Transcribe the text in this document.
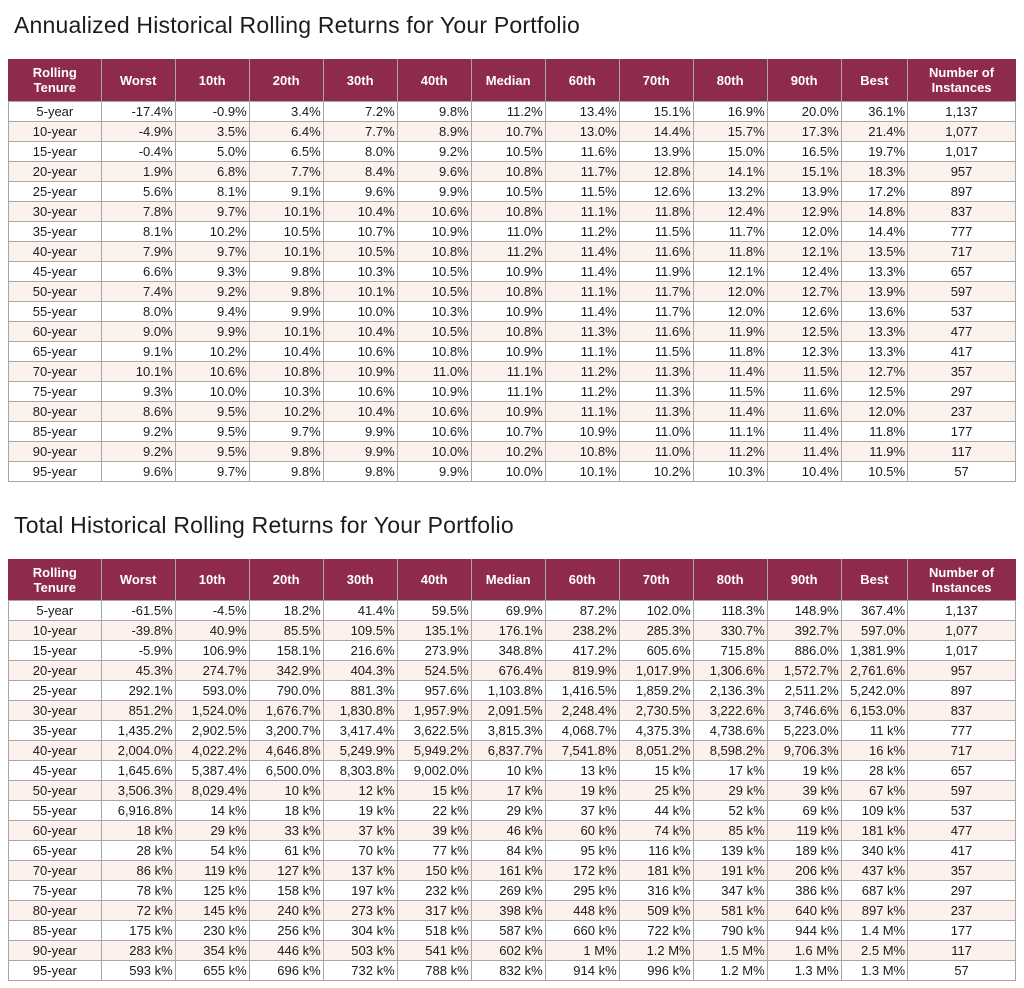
Annualized Historical Rolling Returns for Your Portfolio
Rolling Tenure	Worst	10th	20th	30th	40th	Median	60th	70th	80th	90th	Best	Number of Instances
5-year	-17.4%	-0.9%	3.4%	7.2%	9.8%	11.2%	13.4%	15.1%	16.9%	20.0%	36.1%	1,137
10-year	-4.9%	3.5%	6.4%	7.7%	8.9%	10.7%	13.0%	14.4%	15.7%	17.3%	21.4%	1,077
15-year	-0.4%	5.0%	6.5%	8.0%	9.2%	10.5%	11.6%	13.9%	15.0%	16.5%	19.7%	1,017
20-year	1.9%	6.8%	7.7%	8.4%	9.6%	10.8%	11.7%	12.8%	14.1%	15.1%	18.3%	957
25-year	5.6%	8.1%	9.1%	9.6%	9.9%	10.5%	11.5%	12.6%	13.2%	13.9%	17.2%	897
30-year	7.8%	9.7%	10.1%	10.4%	10.6%	10.8%	11.1%	11.8%	12.4%	12.9%	14.8%	837
35-year	8.1%	10.2%	10.5%	10.7%	10.9%	11.0%	11.2%	11.5%	11.7%	12.0%	14.4%	777
40-year	7.9%	9.7%	10.1%	10.5%	10.8%	11.2%	11.4%	11.6%	11.8%	12.1%	13.5%	717
45-year	6.6%	9.3%	9.8%	10.3%	10.5%	10.9%	11.4%	11.9%	12.1%	12.4%	13.3%	657
50-year	7.4%	9.2%	9.8%	10.1%	10.5%	10.8%	11.1%	11.7%	12.0%	12.7%	13.9%	597
55-year	8.0%	9.4%	9.9%	10.0%	10.3%	10.9%	11.4%	11.7%	12.0%	12.6%	13.6%	537
60-year	9.0%	9.9%	10.1%	10.4%	10.5%	10.8%	11.3%	11.6%	11.9%	12.5%	13.3%	477
65-year	9.1%	10.2%	10.4%	10.6%	10.8%	10.9%	11.1%	11.5%	11.8%	12.3%	13.3%	417
70-year	10.1%	10.6%	10.8%	10.9%	11.0%	11.1%	11.2%	11.3%	11.4%	11.5%	12.7%	357
75-year	9.3%	10.0%	10.3%	10.6%	10.9%	11.1%	11.2%	11.3%	11.5%	11.6%	12.5%	297
80-year	8.6%	9.5%	10.2%	10.4%	10.6%	10.9%	11.1%	11.3%	11.4%	11.6%	12.0%	237
85-year	9.2%	9.5%	9.7%	9.9%	10.6%	10.7%	10.9%	11.0%	11.1%	11.4%	11.8%	177
90-year	9.2%	9.5%	9.8%	9.9%	10.0%	10.2%	10.8%	11.0%	11.2%	11.4%	11.9%	117
95-year	9.6%	9.7%	9.8%	9.8%	9.9%	10.0%	10.1%	10.2%	10.3%	10.4%	10.5%	57
Total Historical Rolling Returns for Your Portfolio
Rolling Tenure	Worst	10th	20th	30th	40th	Median	60th	70th	80th	90th	Best	Number of Instances
5-year	-61.5%	-4.5%	18.2%	41.4%	59.5%	69.9%	87.2%	102.0%	118.3%	148.9%	367.4%	1,137
10-year	-39.8%	40.9%	85.5%	109.5%	135.1%	176.1%	238.2%	285.3%	330.7%	392.7%	597.0%	1,077
15-year	-5.9%	106.9%	158.1%	216.6%	273.9%	348.8%	417.2%	605.6%	715.8%	886.0%	1,381.9%	1,017
20-year	45.3%	274.7%	342.9%	404.3%	524.5%	676.4%	819.9%	1,017.9%	1,306.6%	1,572.7%	2,761.6%	957
25-year	292.1%	593.0%	790.0%	881.3%	957.6%	1,103.8%	1,416.5%	1,859.2%	2,136.3%	2,511.2%	5,242.0%	897
30-year	851.2%	1,524.0%	1,676.7%	1,830.8%	1,957.9%	2,091.5%	2,248.4%	2,730.5%	3,222.6%	3,746.6%	6,153.0%	837
35-year	1,435.2%	2,902.5%	3,200.7%	3,417.4%	3,622.5%	3,815.3%	4,068.7%	4,375.3%	4,738.6%	5,223.0%	11 k%	777
40-year	2,004.0%	4,022.2%	4,646.8%	5,249.9%	5,949.2%	6,837.7%	7,541.8%	8,051.2%	8,598.2%	9,706.3%	16 k%	717
45-year	1,645.6%	5,387.4%	6,500.0%	8,303.8%	9,002.0%	10 k%	13 k%	15 k%	17 k%	19 k%	28 k%	657
50-year	3,506.3%	8,029.4%	10 k%	12 k%	15 k%	17 k%	19 k%	25 k%	29 k%	39 k%	67 k%	597
55-year	6,916.8%	14 k%	18 k%	19 k%	22 k%	29 k%	37 k%	44 k%	52 k%	69 k%	109 k%	537
60-year	18 k%	29 k%	33 k%	37 k%	39 k%	46 k%	60 k%	74 k%	85 k%	119 k%	181 k%	477
65-year	28 k%	54 k%	61 k%	70 k%	77 k%	84 k%	95 k%	116 k%	139 k%	189 k%	340 k%	417
70-year	86 k%	119 k%	127 k%	137 k%	150 k%	161 k%	172 k%	181 k%	191 k%	206 k%	437 k%	357
75-year	78 k%	125 k%	158 k%	197 k%	232 k%	269 k%	295 k%	316 k%	347 k%	386 k%	687 k%	297
80-year	72 k%	145 k%	240 k%	273 k%	317 k%	398 k%	448 k%	509 k%	581 k%	640 k%	897 k%	237
85-year	175 k%	230 k%	256 k%	304 k%	518 k%	587 k%	660 k%	722 k%	790 k%	944 k%	1.4 M%	177
90-year	283 k%	354 k%	446 k%	503 k%	541 k%	602 k%	1 M%	1.2 M%	1.5 M%	1.6 M%	2.5 M%	117
95-year	593 k%	655 k%	696 k%	732 k%	788 k%	832 k%	914 k%	996 k%	1.2 M%	1.3 M%	1.3 M%	57
